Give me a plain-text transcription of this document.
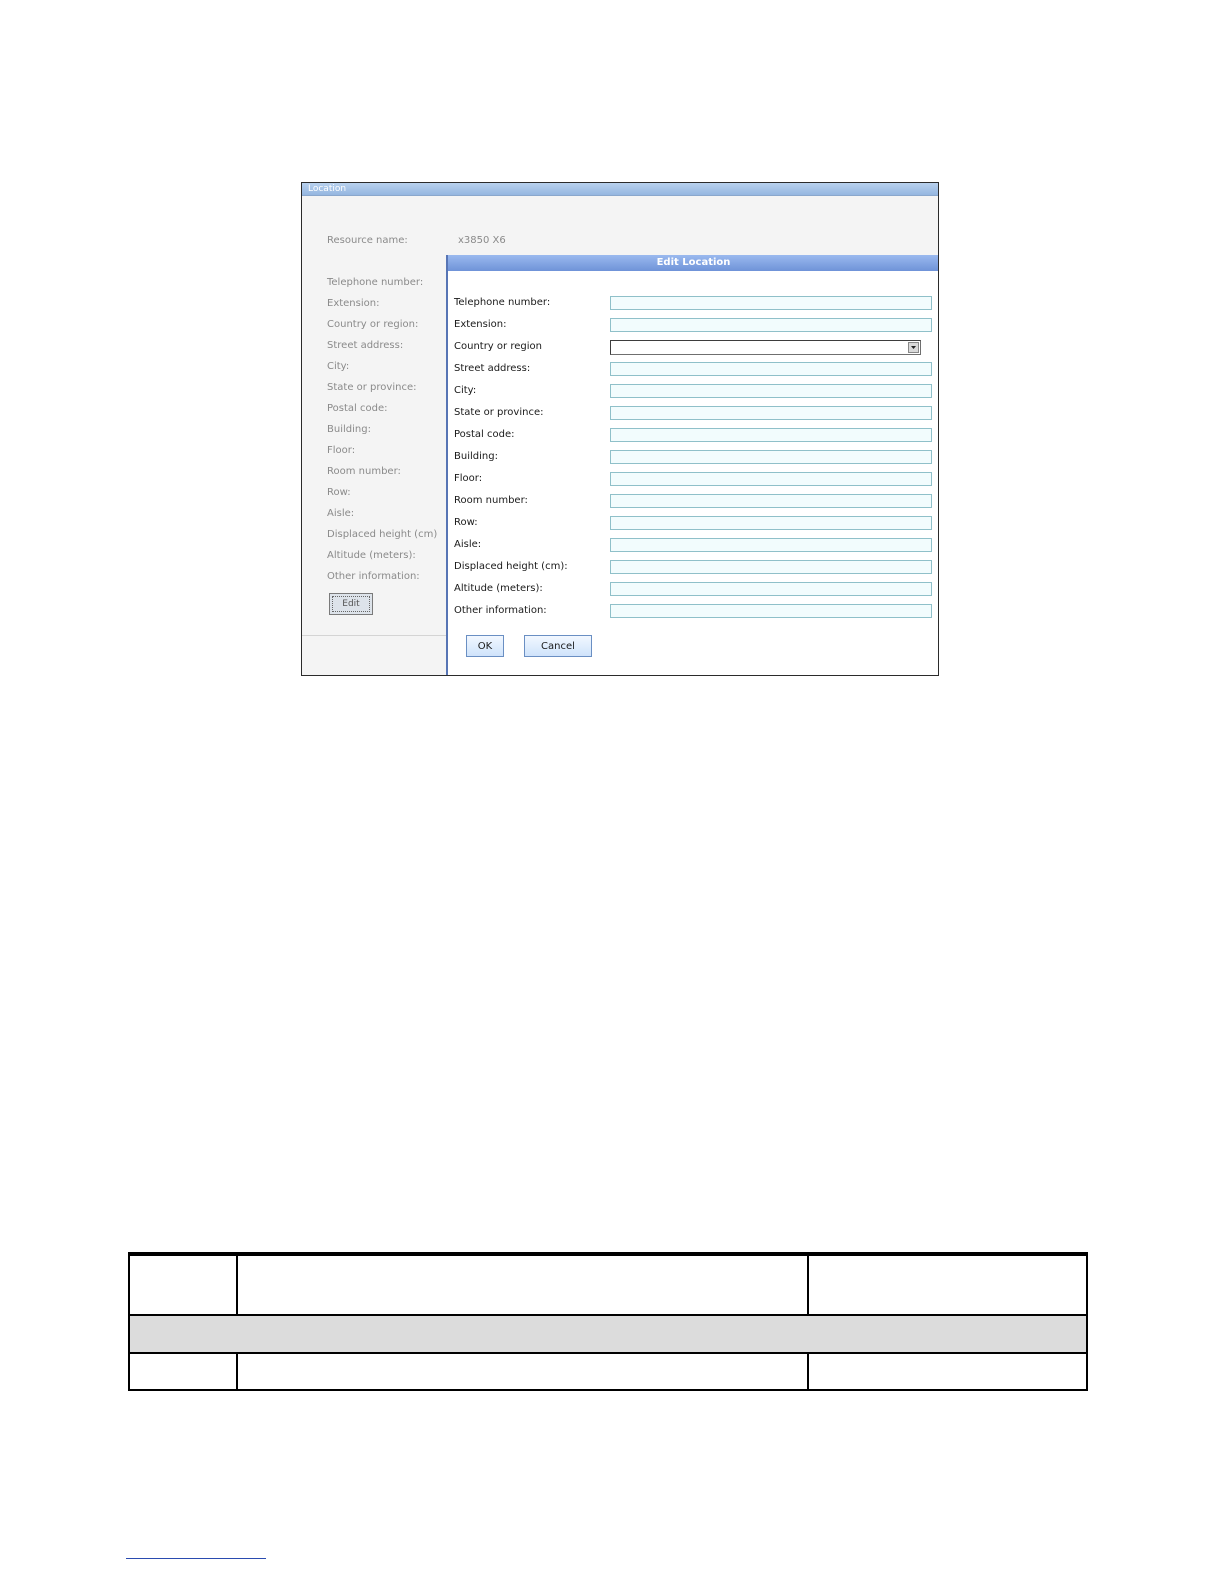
Location
Resource name:	x3850 X6
Telephone number:
Extension:
Country or region:
Street address:
City:
State or province:
Postal code:
Building:
Floor:
Room number:
Row:
Aisle:
Displaced height (cm)
Altitude (meters):
Other information:
Edit
Edit Location
Telephone number:
Extension:
Country or region
Street address:
City:
State or province:
Postal code:
Building:
Floor:
Room number:
Row:
Aisle:
Displaced height (cm):
Altitude (meters):
Other information:
OK	Cancel
